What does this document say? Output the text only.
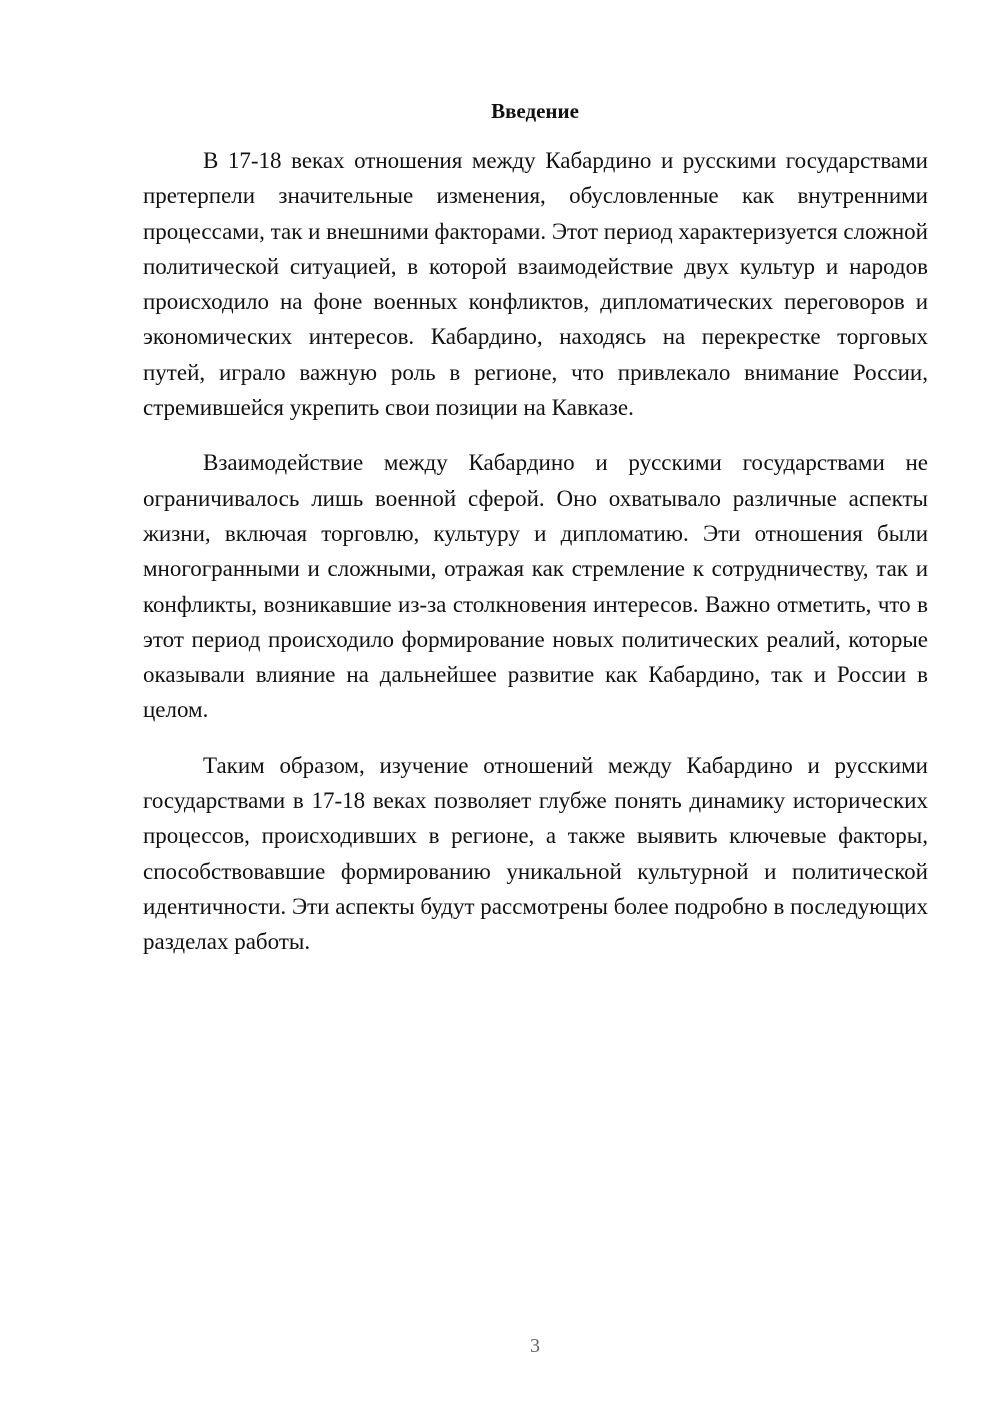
Введение

В 17-18 веках отношения между Кабардино и русскими государствами претерпели значительные изменения, обусловленные как внутренними процессами, так и внешними факторами. Этот период характеризуется сложной политической ситуацией, в которой взаимодействие двух культур и народов происходило на фоне военных конфликтов, дипломатических переговоров и экономических интересов. Кабардино, находясь на перекрестке торговых путей, играло важную роль в регионе, что привлекало внимание России, стремившейся укрепить свои позиции на Кавказе.

Взаимодействие между Кабардино и русскими государствами не ограничивалось лишь военной сферой. Оно охватывало различные аспекты жизни, включая торговлю, культуру и дипломатию. Эти отношения были многогранными и сложными, отражая как стремление к сотрудничеству, так и конфликты, возникавшие из-за столкновения интересов. Важно отметить, что в этот период происходило формирование новых политических реалий, которые оказывали влияние на дальнейшее развитие как Кабардино, так и России в целом.

Таким образом, изучение отношений между Кабардино и русскими государствами в 17-18 веках позволяет глубже понять динамику исторических процессов, происходивших в регионе, а также выявить ключевые факторы, способствовавшие формированию уникальной культурной и политической идентичности. Эти аспекты будут рассмотрены более подробно в последующих разделах работы.

3
